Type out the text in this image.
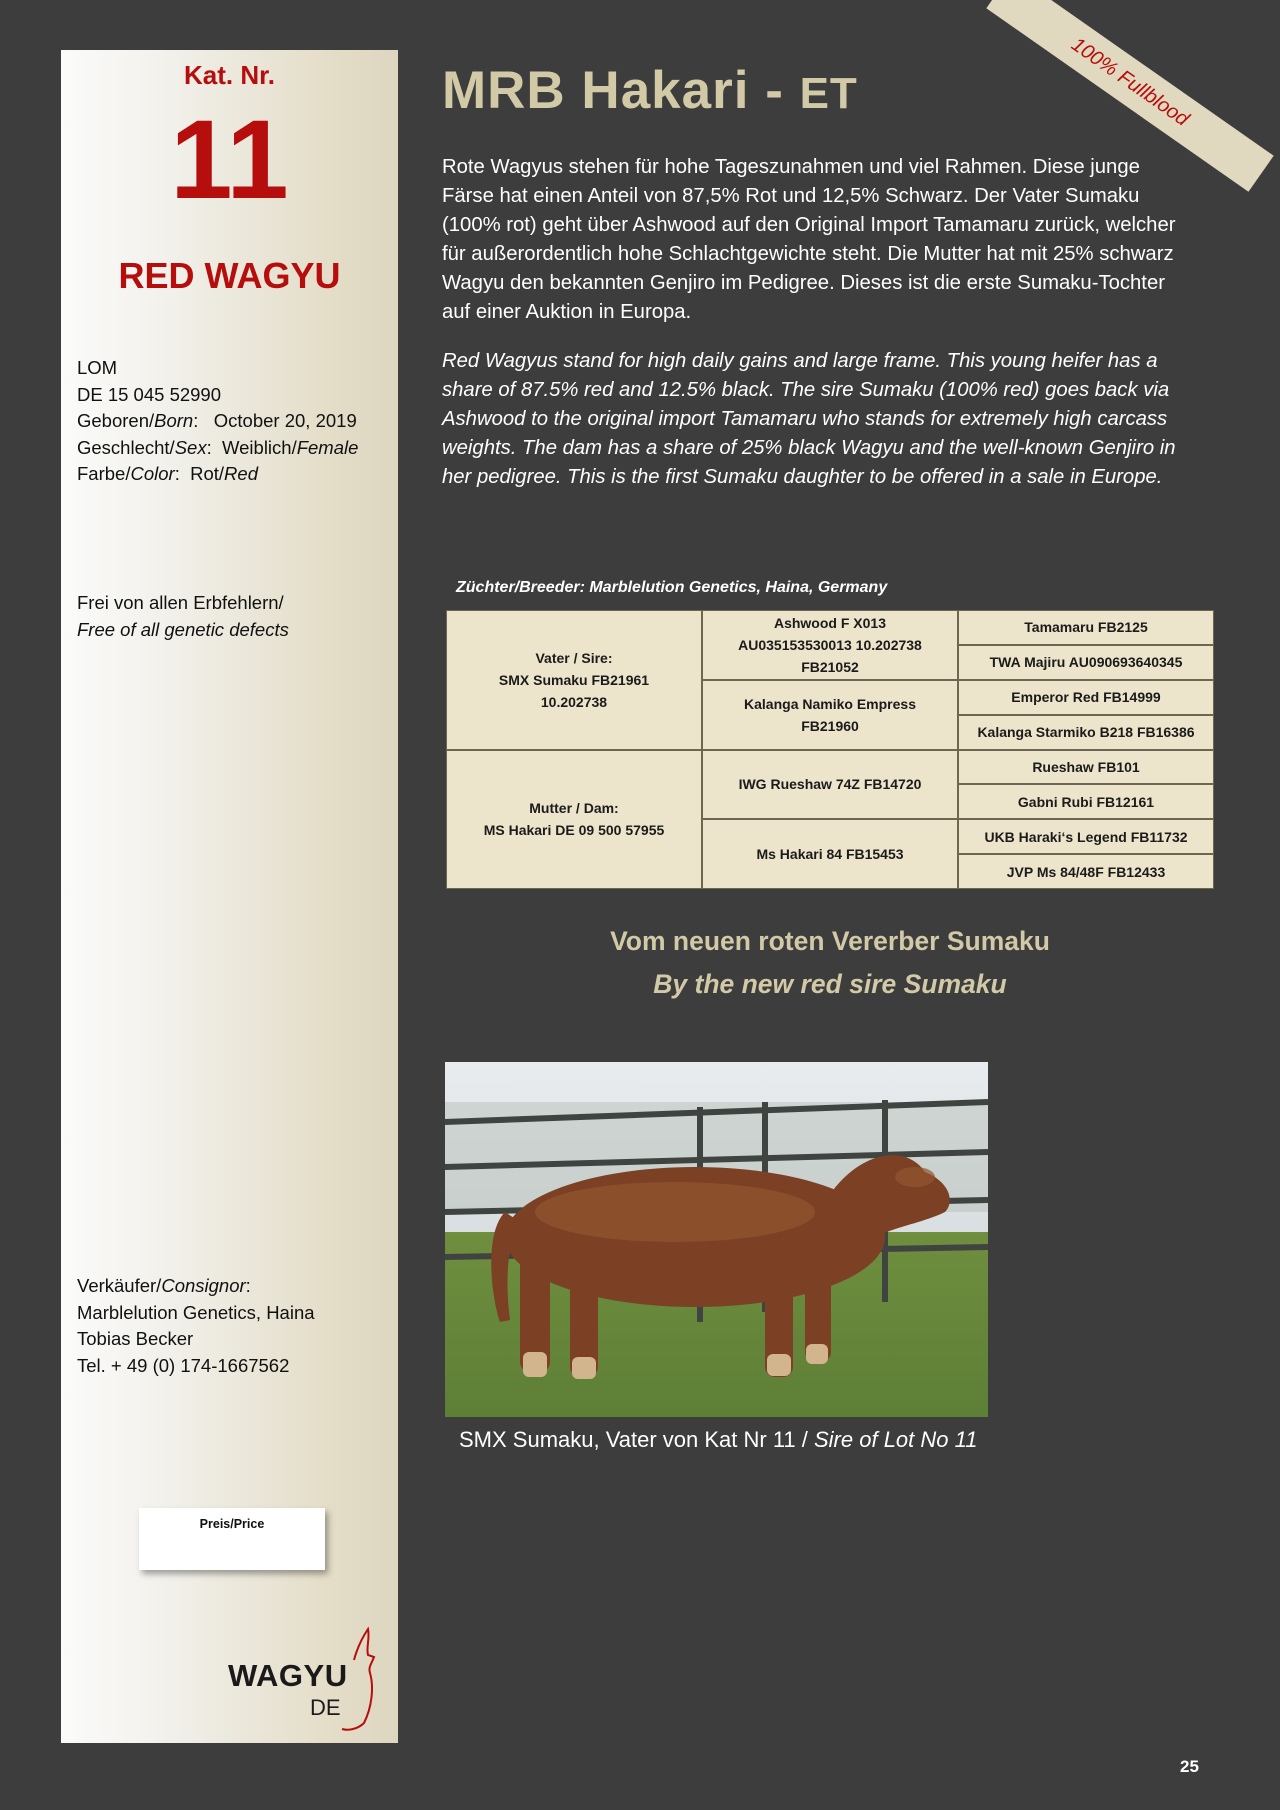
Kat. Nr.
11
RED WAGYU
LOM
DE 15 045 52990
Geboren/Born:   October 20, 2019
Geschlecht/Sex:  Weiblich/Female
Farbe/Color:  Rot/Red
Frei von allen Erbfehlern/
Free of all genetic defects
Verkäufer/Consignor:
Marblelution Genetics, Haina
Tobias Becker
Tel. + 49 (0) 174-1667562
Preis/Price
WAGYU
DE
100% Fullblood
MRB Hakari - ET

Rote Wagyus stehen für hohe Tageszunahmen und viel Rahmen. Diese junge Färse hat einen Anteil von 87,5% Rot und 12,5% Schwarz. Der Vater Sumaku (100% rot) geht über Ashwood auf den Original Import Tamamaru zurück, welcher für außerordentlich hohe Schlachtgewichte steht. Die Mutter hat mit 25% schwarz Wagyu den bekannten Genjiro im Pedigree. Dieses ist die erste Sumaku-Tochter auf einer Auktion in Europa.

Red Wagyus stand for high daily gains and large frame. This young heifer has a share of 87.5% red and 12.5% black. The sire Sumaku (100% red) goes back via Ashwood to the original import Tamamaru who stands for extremely high carcass weights. The dam has a share of 25% black Wagyu and the well-known Genjiro in her pedigree. This is the first Sumaku daughter to be offered in a sale in Europe.

Züchter/Breeder: Marblelution Genetics, Haina, Germany
Vater / Sire:
SMX Sumaku FB21961
10.202738
Ashwood F X013
AU035153530013 10.202738
FB21052
Tamamaru FB2125
TWA Majiru AU090693640345
Kalanga Namiko Empress
FB21960
Emperor Red FB14999
Kalanga Starmiko B218 FB16386
Mutter / Dam:
MS Hakari DE 09 500 57955
IWG Rueshaw 74Z FB14720
Rueshaw FB101
Gabni Rubi FB12161
Ms Hakari 84 FB15453
UKB Haraki‘s Legend FB11732
JVP Ms 84/48F FB12433
Vom neuen roten Vererber Sumaku
By the new red sire Sumaku
SMX Sumaku, Vater von Kat Nr 11 / Sire of Lot No 11
25
